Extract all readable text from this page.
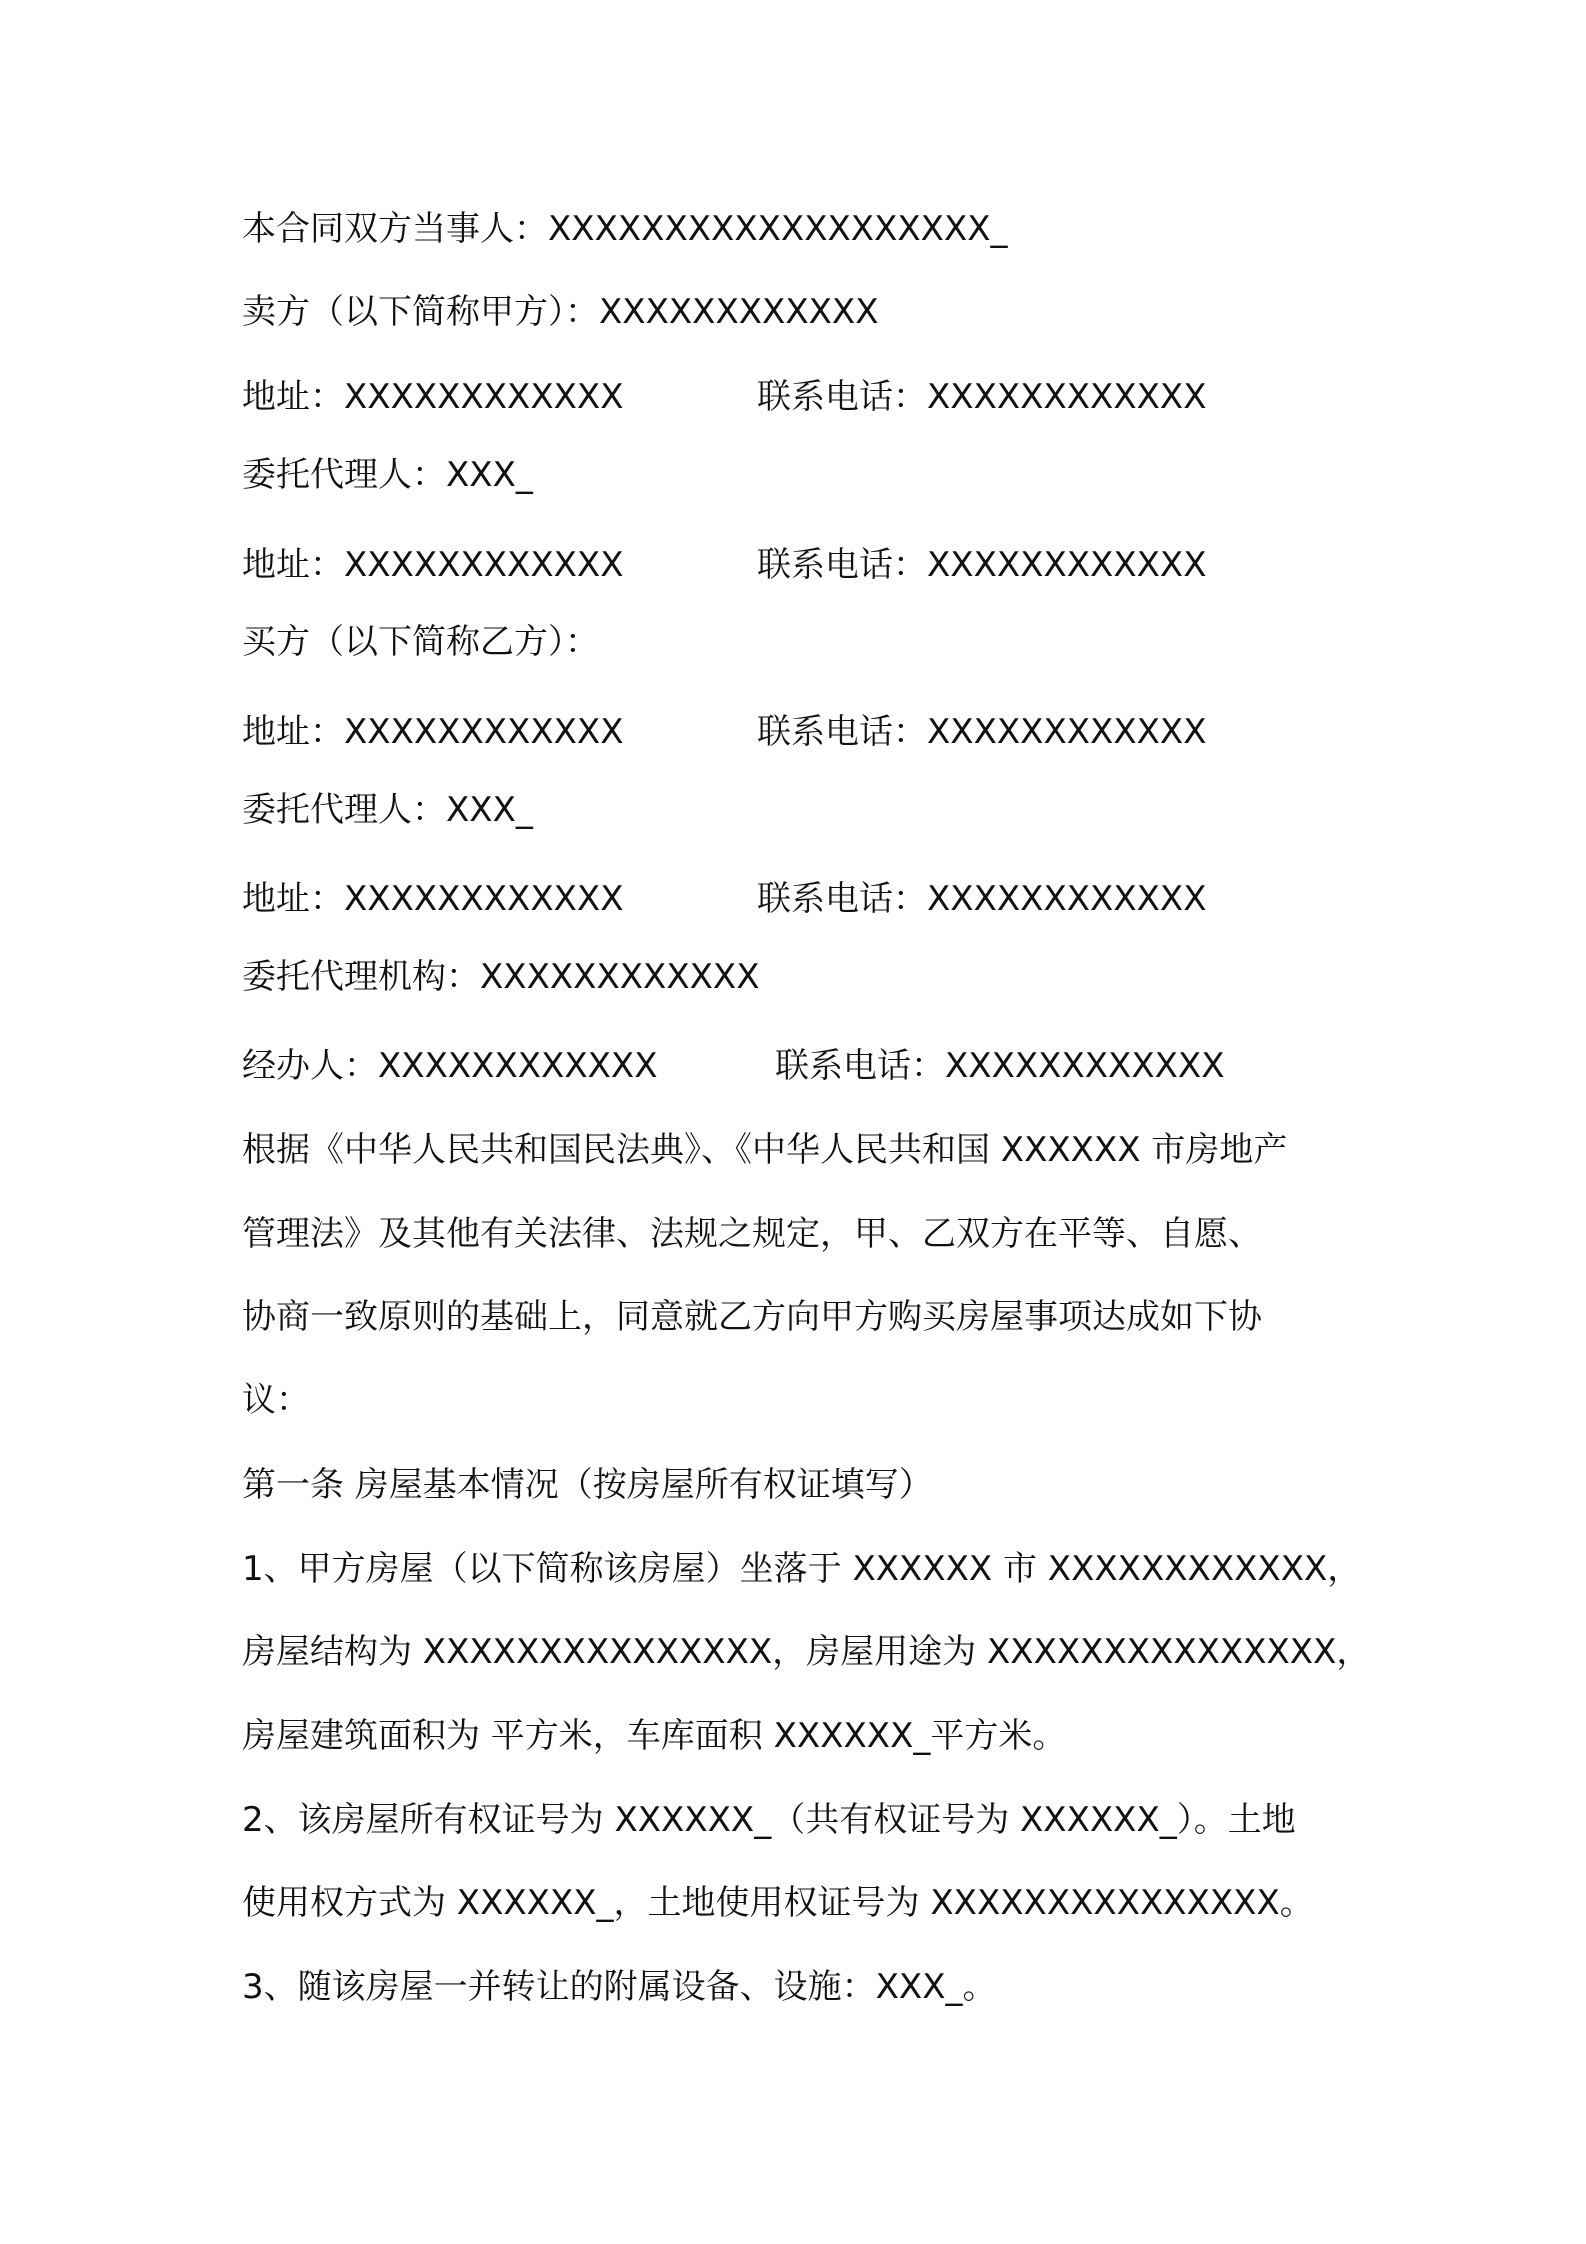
本合同双方当事人：XXXXXXXXXXXXXXXXXXX_
卖方（以下简称甲方）：XXXXXXXXXXXX
地址：XXXXXXXXXXXX	联系电话：XXXXXXXXXXXX
委托代理人：XXX_
地址：XXXXXXXXXXXX	联系电话：XXXXXXXXXXXX
买方（以下简称乙方）：
地址：XXXXXXXXXXXX	联系电话：XXXXXXXXXXXX
委托代理人：XXX_
地址：XXXXXXXXXXXX	联系电话：XXXXXXXXXXXX
委托代理机构：XXXXXXXXXXXX
经办人：XXXXXXXXXXXX	联系电话：XXXXXXXXXXXX
根据《中华人民共和国民法典》、《中华人民共和国 XXXXXX 市房地产
管理法》及其他有关法律、法规之规定，甲、乙双方在平等、自愿、
协商一致原则的基础上，同意就乙方向甲方购买房屋事项达成如下协
议：
第一条 房屋基本情况（按房屋所有权证填写）
1、甲方房屋（以下简称该房屋）坐落于 XXXXXX 市 XXXXXXXXXXXX，
房屋结构为 XXXXXXXXXXXXXXX，房屋用途为 XXXXXXXXXXXXXXX，
房屋建筑面积为 平方米，车库面积 XXXXXX_平方米。
2、该房屋所有权证号为 XXXXXX_（共有权证号为 XXXXXX_）。土地
使用权方式为 XXXXXX_，土地使用权证号为 XXXXXXXXXXXXXXX。
3、随该房屋一并转让的附属设备、设施：XXX_。
